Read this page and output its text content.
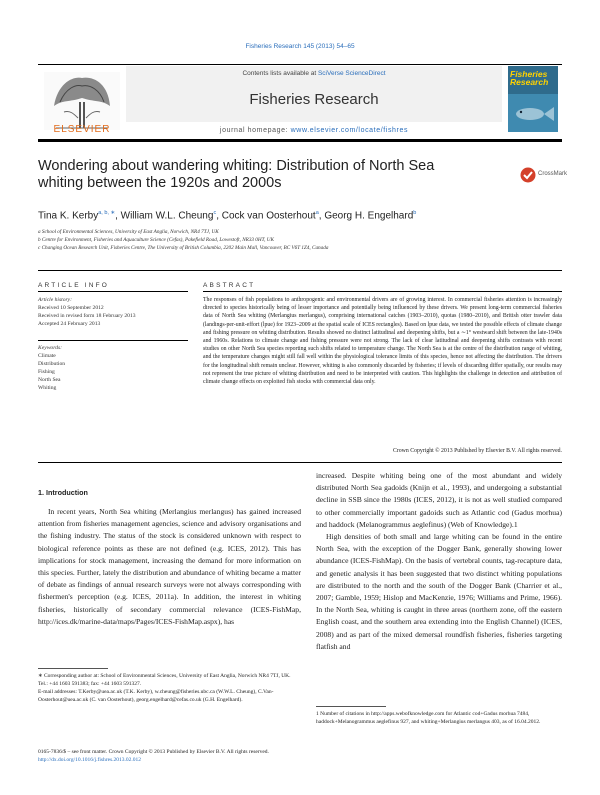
Fisheries Research 145 (2013) 54–65
Contents lists available at SciVerse ScienceDirect
Fisheries Research
journal homepage: www.elsevier.com/locate/fishres
ELSEVIER
Fisheries Research
Wondering about wandering whiting: Distribution of North Sea whiting between the 1920s and 2000s
CrossMark
Tina K. Kerby$^{a, b, ∗}$, William W.L. Cheung$^c$, Cock van Oosterhout$^a$, Georg H. Engelhard$^b$
a School of Environmental Sciences, University of East Anglia, Norwich, NR4 7TJ, UK
b Centre for Environment, Fisheries and Aquaculture Science (Cefas), Pakefield Road, Lowestoft, NR33 0HT, UK
c Changing Ocean Research Unit, Fisheries Centre, The University of British Columbia, 2202 Main Mall, Vancouver, BC V6T 1Z4, Canada
ARTICLE INFO
Article history:
Received 10 September 2012
Received in revised form 18 February 2013
Accepted 24 February 2013
Keywords:
Climate
Distribution
Fishing
North Sea
Whiting
ABSTRACT
The responses of fish populations to anthropogenic and environmental drivers are of growing interest. In commercial fisheries attention is increasingly directed to species historically being of lesser importance and potentially being influenced by these drivers. We present long-term commercial fisheries data of North Sea whiting (Merlangius merlangus), comprising international catches (1903–2010), quotas (1980–2010), and British otter trawler data (landings-per-unit-effort (lpue) for 1923–2009 at the spatial scale of ICES rectangles). Based on lpue data, we tested the possible effects of climate change and fishing pressure on whiting distribution. Results showed no distinct latitudinal and deepening shifts, but a ∼1° westward shift between the late-1940s and 1960s. Relations to climate change and fishing pressure were not strong. The lack of clear latitudinal and deepening shifts contrasts with recent studies on other North Sea species reporting such shifts related to temperature change. The North Sea is at the centre of the distribution range of whiting, and the temperature changes might still fall well within the physiological tolerance limits of this species, hence not affecting the distribution. The drivers for the longitudinal shift remain unclear. However, whiting is also commonly discarded by fisheries; if levels of discarding differ spatially, our results may not represent the true picture of whiting distribution and need to be interpreted with caution. This highlights the challenge in detection and attribution of climate change effects on exploited fish stocks with commercial data only.
Crown Copyright © 2013 Published by Elsevier B.V. All rights reserved.
1. Introduction
In recent years, North Sea whiting (Merlangius merlangus) has gained increased attention from fisheries management agencies, science and advisory organisations and the fishing industry. The status of the stock is considered unknown with respect to biological reference points as these are not defined (e.g. ICES, 2012). This has implications for stock management, increasing the demand for more information on this species. Further, lately the distribution and abundance of whiting became a matter of debate as findings of annual research surveys were not always corresponding with fishermen's perception (e.g. ICES, 2011a). In addition, the interest in whiting fisheries, historically of secondary commercial relevance (ICES-FishMap, http://ices.dk/marine-data/maps/Pages/ICES-FishMap.aspx), has
increased. Despite whiting being one of the most abundant and widely distributed North Sea gadoids (Knijn et al., 1993), and undergoing a substantial decline in SSB since the 1980s (ICES, 2012), it is not as well studied compared to other commercially important gadoids such as Atlantic cod (Gadus morhua) and haddock (Melanogrammus aeglefinus) (Web of Knowledge).1
High densities of both small and large whiting can be found in the entire North Sea, with the exception of the Dogger Bank, generally showing lower abundance (ICES-FishMap). On the basis of vertebral counts, tag-recapture data, and genetic analysis it has been suggested that two distinct whiting populations are distributed to the north and the south of the Dogger Bank (Charrier et al., 2007; Gamble, 1959; Hislop and MacKenzie, 1976; Williams and Prime, 1966). In the North Sea, whiting is caught in three areas (northern zone, off the eastern English coast, and the southern area extending into the English Channel) (ICES, 2008) and as part of the mixed demersal roundfish fisheries, fisheries targeting flatfish and
∗ Corresponding author at: School of Environmental Sciences, University of East Anglia, Norwich NR4 7TJ, UK. Tel.: +44 1603 591383; fax: +44 1603 591327.
E-mail addresses: T.Kerby@uea.ac.uk (T.K. Kerby), w.cheung@fisheries.ubc.ca (W.W.L. Cheung), C.Van-Oosterhout@uea.ac.uk (C. van Oosterhout), georg.engelhard@cefas.co.uk (G.H. Engelhard).
1 Number of citations in http://apps.webofknowledge.com for Atlantic cod+Gadus morhua 7484, haddock+Melanogrammus aeglefinus 927, and whiting+Merlangius merlangus 403, as of 16.04.2012.
0165-7836/$ – see front matter. Crown Copyright © 2013 Published by Elsevier B.V. All rights reserved.
http://dx.doi.org/10.1016/j.fishres.2013.02.012
